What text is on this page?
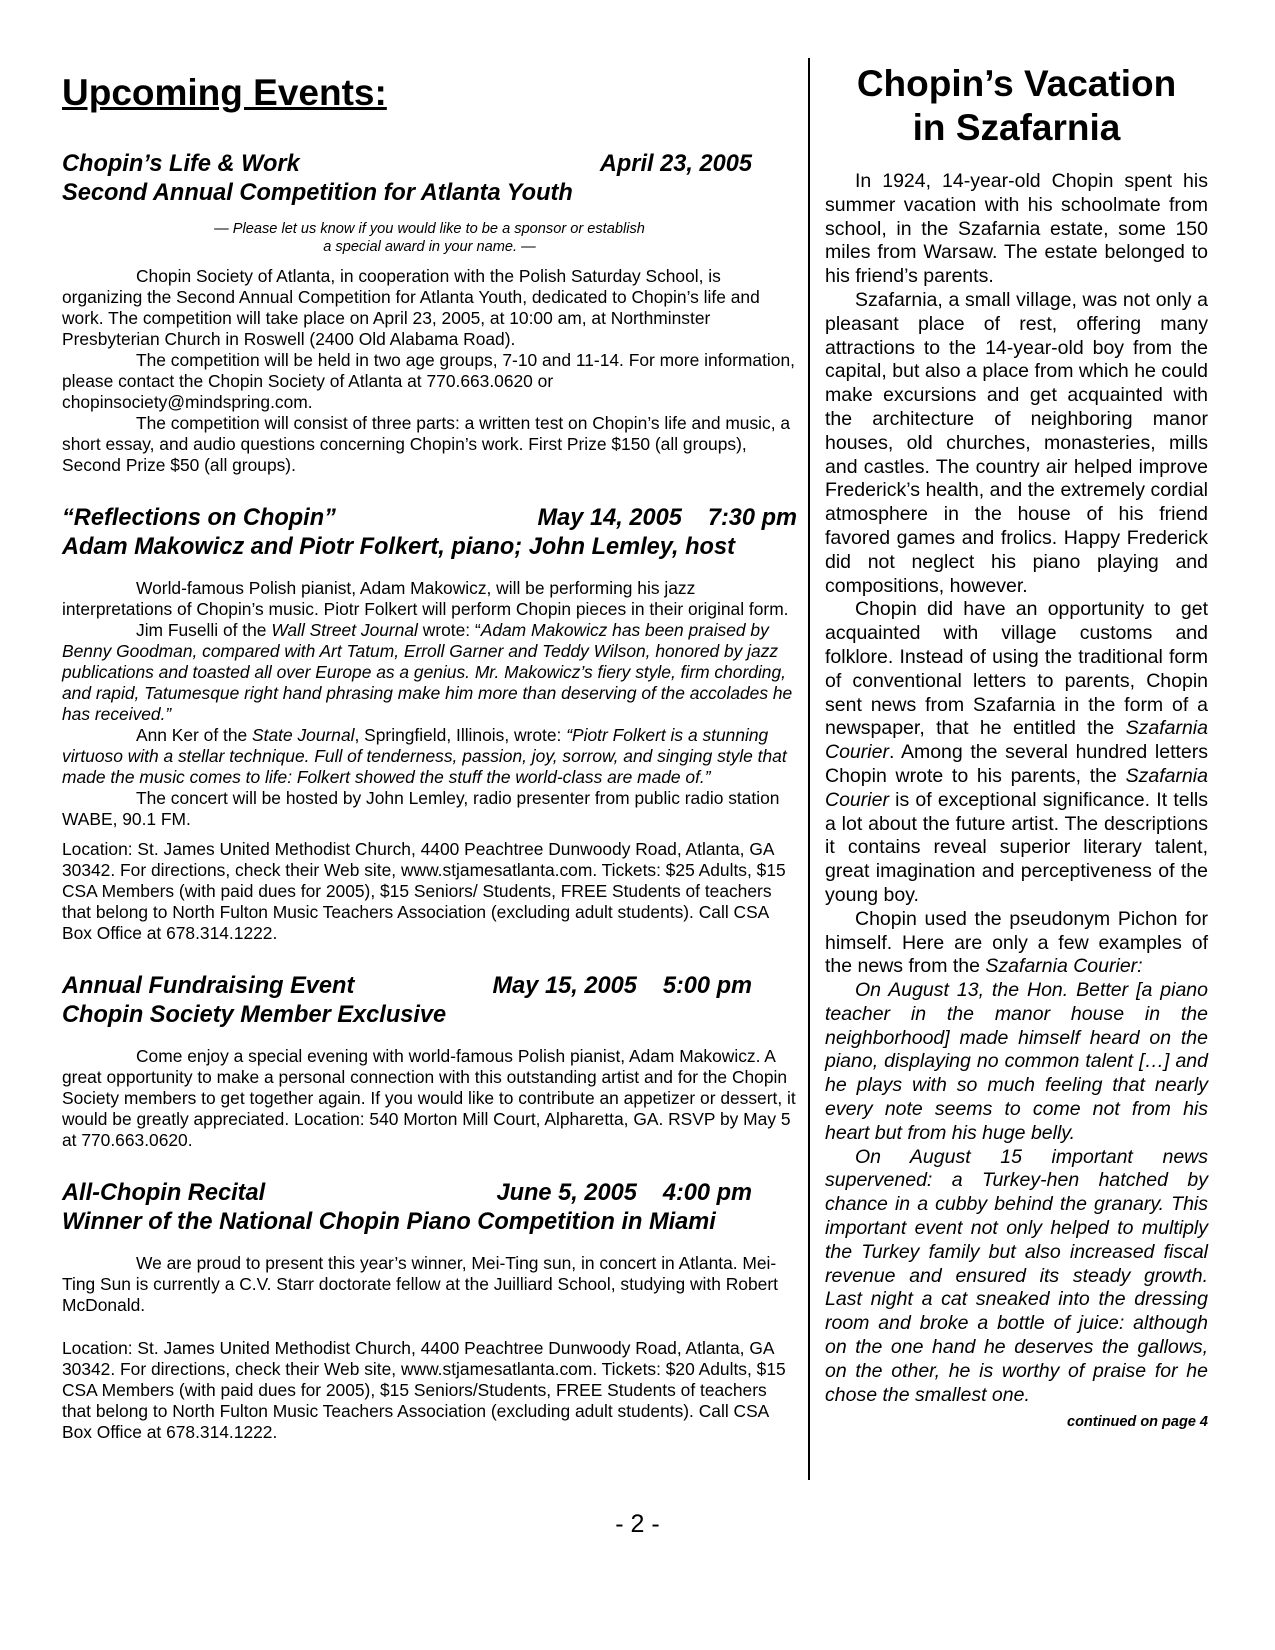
Upcoming Events:
Chopin’s Life & Work	April 23, 2005
Second Annual Competition for Atlanta Youth
— Please let us know if you would like to be a sponsor or establish
a special award in your name. —

Chopin Society of Atlanta, in cooperation with the Polish Saturday School, is organizing the Second Annual Competition for Atlanta Youth, dedicated to Chopin’s life and work. The competition will take place on April 23, 2005, at 10:00 am, at Northminster Presbyterian Church in Roswell (2400 Old Alabama Road).

The competition will be held in two age groups, 7-10 and 11-14. For more information, please contact the Chopin Society of Atlanta at 770.663.0620 or chopinsociety@mindspring.com.

The competition will consist of three parts: a written test on Chopin’s life and music, a short essay, and audio questions concerning Chopin’s work. First Prize $150 (all groups), Second Prize $50 (all groups).

“Reflections on Chopin”	May 14, 2005 7:30 pm
Adam Makowicz and Piotr Folkert, piano; John Lemley, host

World-famous Polish pianist, Adam Makowicz, will be performing his jazz interpretations of Chopin’s music. Piotr Folkert will perform Chopin pieces in their original form.

Jim Fuselli of the Wall Street Journal wrote: “Adam Makowicz has been praised by Benny Goodman, compared with Art Tatum, Erroll Garner and Teddy Wilson, honored by jazz publications and toasted all over Europe as a genius. Mr. Makowicz’s fiery style, firm chording, and rapid, Tatumesque right hand phrasing make him more than deserving of the accolades he has received.”

Ann Ker of the State Journal, Springfield, Illinois, wrote: “Piotr Folkert is a stunning virtuoso with a stellar technique. Full of tenderness, passion, joy, sorrow, and singing style that made the music comes to life: Folkert showed the stuff the world-class are made of.”

The concert will be hosted by John Lemley, radio presenter from public radio station WABE, 90.1 FM.

Location: St. James United Methodist Church, 4400 Peachtree Dunwoody Road, Atlanta, GA 30342. For directions, check their Web site, www.stjamesatlanta.com. Tickets: $25 Adults, $15 CSA Members (with paid dues for 2005), $15 Seniors/ Students, FREE Students of teachers that belong to North Fulton Music Teachers Association (excluding adult students). Call CSA Box Office at 678.314.1222.

Annual Fundraising Event	May 15, 2005 5:00 pm
Chopin Society Member Exclusive

Come enjoy a special evening with world-famous Polish pianist, Adam Makowicz. A great opportunity to make a personal connection with this outstanding artist and for the Chopin Society members to get together again. If you would like to contribute an appetizer or dessert, it would be greatly appreciated. Location: 540 Morton Mill Court, Alpharetta, GA. RSVP by May 5 at 770.663.0620.

All-Chopin Recital	June 5, 2005 4:00 pm
Winner of the National Chopin Piano Competition in Miami

We are proud to present this year’s winner, Mei-Ting sun, in concert in Atlanta. Mei-Ting Sun is currently a C.V. Starr doctorate fellow at the Juilliard School, studying with Robert McDonald.

Location: St. James United Methodist Church, 4400 Peachtree Dunwoody Road, Atlanta, GA 30342. For directions, check their Web site, www.stjamesatlanta.com. Tickets: $20 Adults, $15 CSA Members (with paid dues for 2005), $15 Seniors/Students, FREE Students of teachers that belong to North Fulton Music Teachers Association (excluding adult students). Call CSA Box Office at 678.314.1222.

Chopin’s Vacation
in Szafarnia

In 1924, 14-year-old Chopin spent his summer vacation with his schoolmate from school, in the Szafarnia estate, some 150 miles from Warsaw. The estate belonged to his friend’s parents.

Szafarnia, a small village, was not only a pleasant place of rest, offering many attractions to the 14-year-old boy from the capital, but also a place from which he could make excursions and get acquainted with the architecture of neighboring manor houses, old churches, monasteries, mills and castles. The country air helped improve Frederick’s health, and the extremely cordial atmosphere in the house of his friend favored games and frolics. Happy Frederick did not neglect his piano playing and compositions, however.

Chopin did have an opportunity to get acquainted with village customs and folklore. Instead of using the traditional form of conventional letters to parents, Chopin sent news from Szafarnia in the form of a newspaper, that he entitled the Szafarnia Courier. Among the several hundred letters Chopin wrote to his parents, the Szafarnia Courier is of exceptional significance. It tells a lot about the future artist. The descriptions it contains reveal superior literary talent, great imagination and perceptiveness of the young boy.

Chopin used the pseudonym Pichon for himself. Here are only a few examples of the news from the Szafarnia Courier:

On August 13, the Hon. Better [a piano teacher in the manor house in the neighborhood] made himself heard on the piano, displaying no common talent […] and he plays with so much feeling that nearly every note seems to come not from his heart but from his huge belly.

On August 15 important news supervened: a Turkey-hen hatched by chance in a cubby behind the granary. This important event not only helped to multiply the Turkey family but also increased fiscal revenue and ensured its steady growth. Last night a cat sneaked into the dressing room and broke a bottle of juice: although on the one hand he deserves the gallows, on the other, he is worthy of praise for he chose the smallest one.

continued on page 4
- 2 -
